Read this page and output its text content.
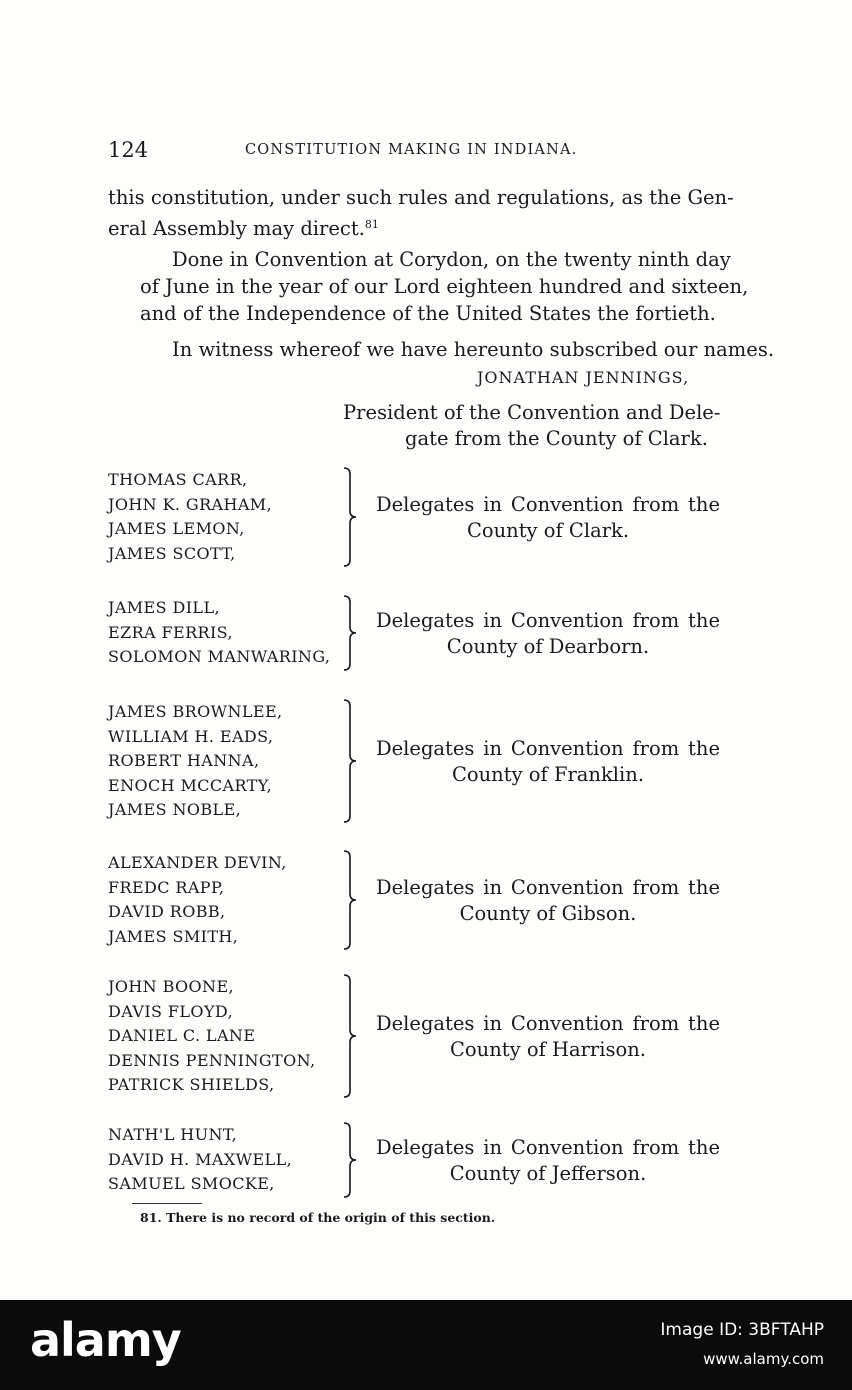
124	CONSTITUTION MAKING IN INDIANA.
this constitution, under such rules and regulations, as the Gen-
eral Assembly may direct.$^{81}$
Done in Convention at Corydon, on the twenty ninth day
of June in the year of our Lord eighteen hundred and sixteen,
and of the Independence of the United States the fortieth.
In witness whereof we have hereunto subscribed our names.
JONATHAN JENNINGS,
President of the Convention and Dele-
gate from the County of Clark.
THOMAS CARR,
JOHN K. GRAHAM,
JAMES LEMON,
JAMES SCOTT,
Delegates in Convention from the
County of Clark.
JAMES DILL,
EZRA FERRIS,
SOLOMON MANWARING,
Delegates in Convention from the
County of Dearborn.
JAMES BROWNLEE,
WILLIAM H. EADS,
ROBERT HANNA,
ENOCH MCCARTY,
JAMES NOBLE,
Delegates in Convention from the
County of Franklin.
ALEXANDER DEVIN,
FREDC RAPP,
DAVID ROBB,
JAMES SMITH,
Delegates in Convention from the
County of Gibson.
JOHN BOONE,
DAVIS FLOYD,
DANIEL C. LANE
DENNIS PENNINGTON,
PATRICK SHIELDS,
Delegates in Convention from the
County of Harrison.
NATH'L HUNT,
DAVID H. MAXWELL,
SAMUEL SMOCKE,
Delegates in Convention from the
County of Jefferson.
81. There is no record of the origin of this section.
alamy	Image ID: 3BFTAHP
www.alamy.com
